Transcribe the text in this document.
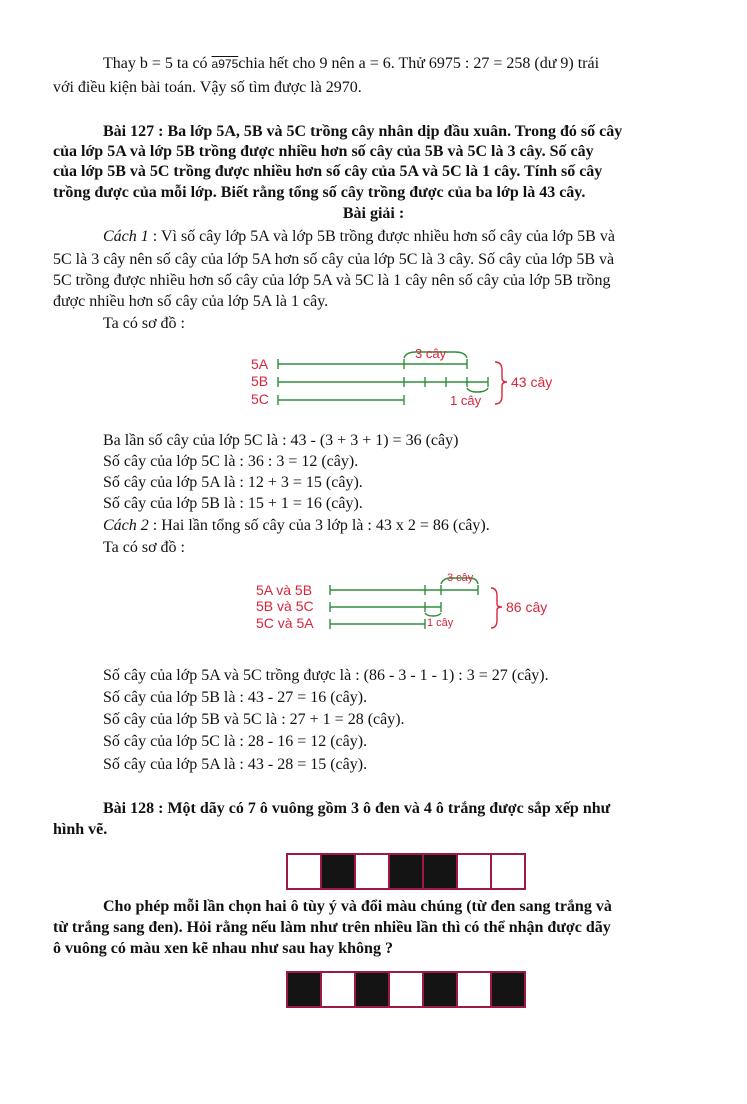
Thay b = 5 ta có a975chia hết cho 9 nên a = 6. Thử 6975 : 27 = 258 (dư 9) trái
với điều kiện bài toán. Vậy số tìm được là 2970.
Bài 127 : Ba lớp 5A, 5B và 5C trồng cây nhân dịp đầu xuân. Trong đó số cây
của lớp 5A và lớp 5B trồng được nhiều hơn số cây của 5B và 5C là 3 cây. Số cây
của lớp 5B và 5C trồng được nhiều hơn số cây của 5A và 5C là 1 cây. Tính số cây
trồng được của mỗi lớp. Biết rằng tổng số cây trồng được của ba lớp là 43 cây.
Bài giải :
Cách 1 : Vì số cây lớp 5A và lớp 5B trồng được nhiều hơn số cây của lớp 5B và
5C là 3 cây nên số cây của lớp 5A hơn số cây của lớp 5C là 3 cây. Số cây của lớp 5B và
5C trồng được nhiều hơn số cây của lớp 5A và 5C là 1 cây nên số cây của lớp 5B trồng
được nhiều hơn số cây của lớp 5A là 1 cây.
Ta có sơ đồ :
5A
5B
5C
3 cây
1 cây
43 cây
Ba lần số cây của lớp 5C là : 43 - (3 + 3 + 1) = 36 (cây)
Số cây của lớp 5C là : 36 : 3 = 12 (cây).
Số cây của lớp 5A là : 12 + 3 = 15 (cây).
Số cây của lớp 5B là : 15 + 1 = 16 (cây).
Cách 2 : Hai lần tổng số cây của 3 lớp là : 43 x 2 = 86 (cây).
Ta có sơ đồ :
5A và 5B
5B và 5C
5C và 5A
3 cây
1 cây
86 cây
Số cây của lớp 5A và 5C trồng được là : (86 - 3 - 1 - 1) : 3 = 27 (cây).
Số cây của lớp 5B là : 43 - 27 = 16 (cây).
Số cây của lớp 5B và 5C là : 27 + 1 = 28 (cây).
Số cây của lớp 5C là : 28 - 16 = 12 (cây).
Số cây của lớp 5A là : 43 - 28 = 15 (cây).
Bài 128 : Một dãy có 7 ô vuông gồm 3 ô đen và 4 ô trắng được sắp xếp như
hình vẽ.
Cho phép mỗi lần chọn hai ô tùy ý và đổi màu chúng (từ đen sang trắng và
từ trắng sang đen). Hỏi rằng nếu làm như trên nhiều lần thì có thể nhận được dãy
ô vuông có màu xen kẽ nhau như sau hay không ?
